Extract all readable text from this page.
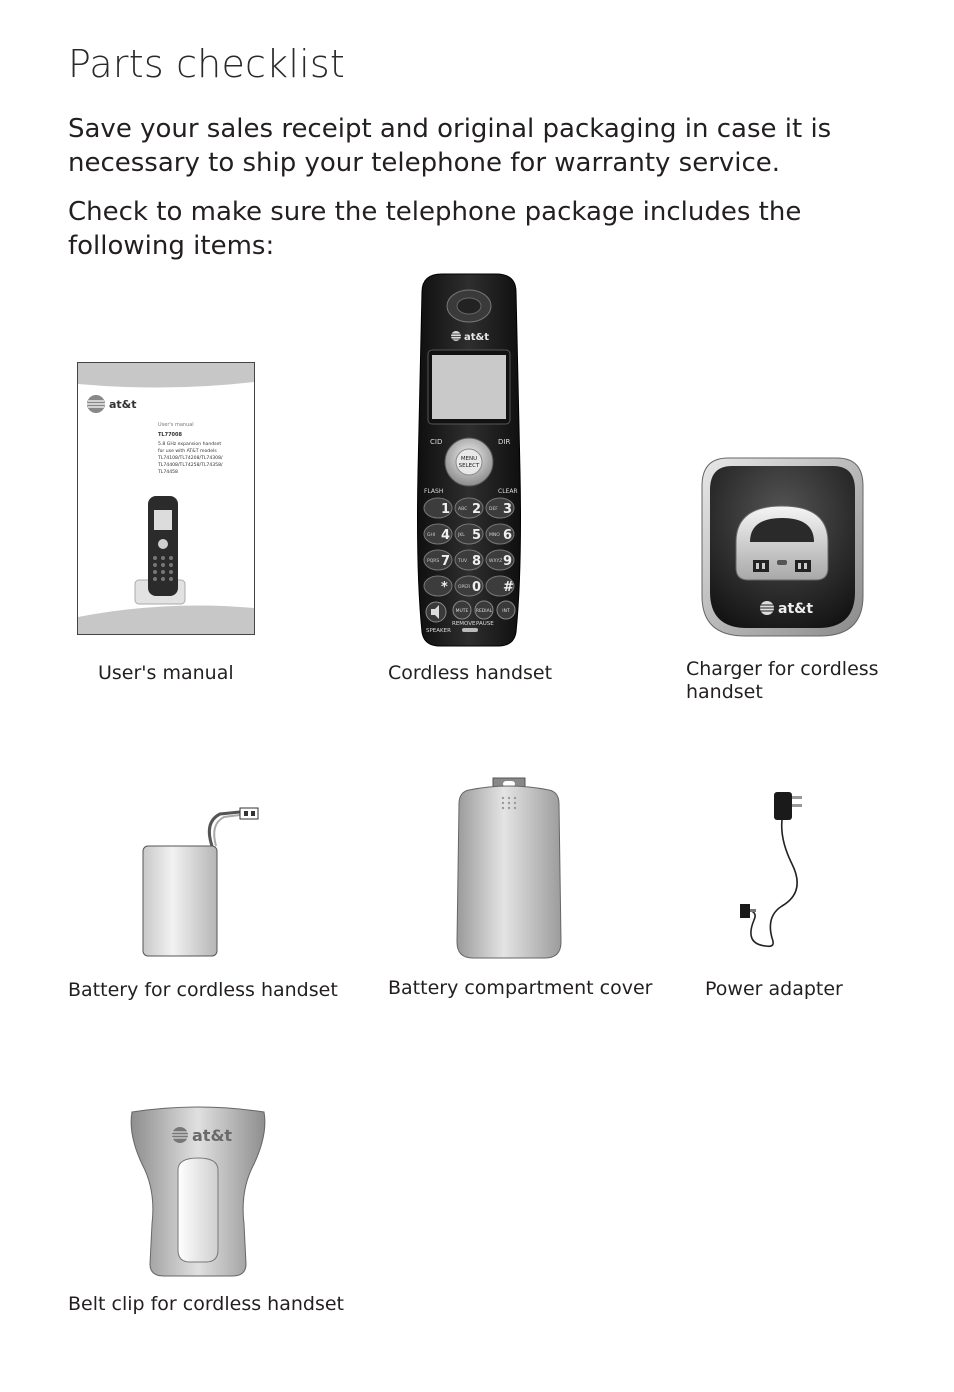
Parts checklist

Save your sales receipt and original packaging in case it is necessary to ship your telephone for warranty service.

Check to make sure the telephone package includes the following items:

at&t
User's manual
TL77008
5.8 GHz expansion handset
for use with AT&T models
TL74108/TL74208/TL74308/
TL74408/TL74258/TL74358/
TL74458
User's manual
at&t
CID	DIR
MENU
SELECT
FLASH	CLEAR
1 2
ABC	3
DEF
4
GHI	5
JKL	6
MNO
7
PQRS	8
TUV	9
WXYZ
* 0
OPER	#
MUTE REDIAL INT
SPEAKER
REMOVE PAUSE
Cordless handset
at&t
Charger for cordless handset
Battery for cordless handset	Battery compartment cover	Power adapter
at&t
Belt clip for cordless handset
